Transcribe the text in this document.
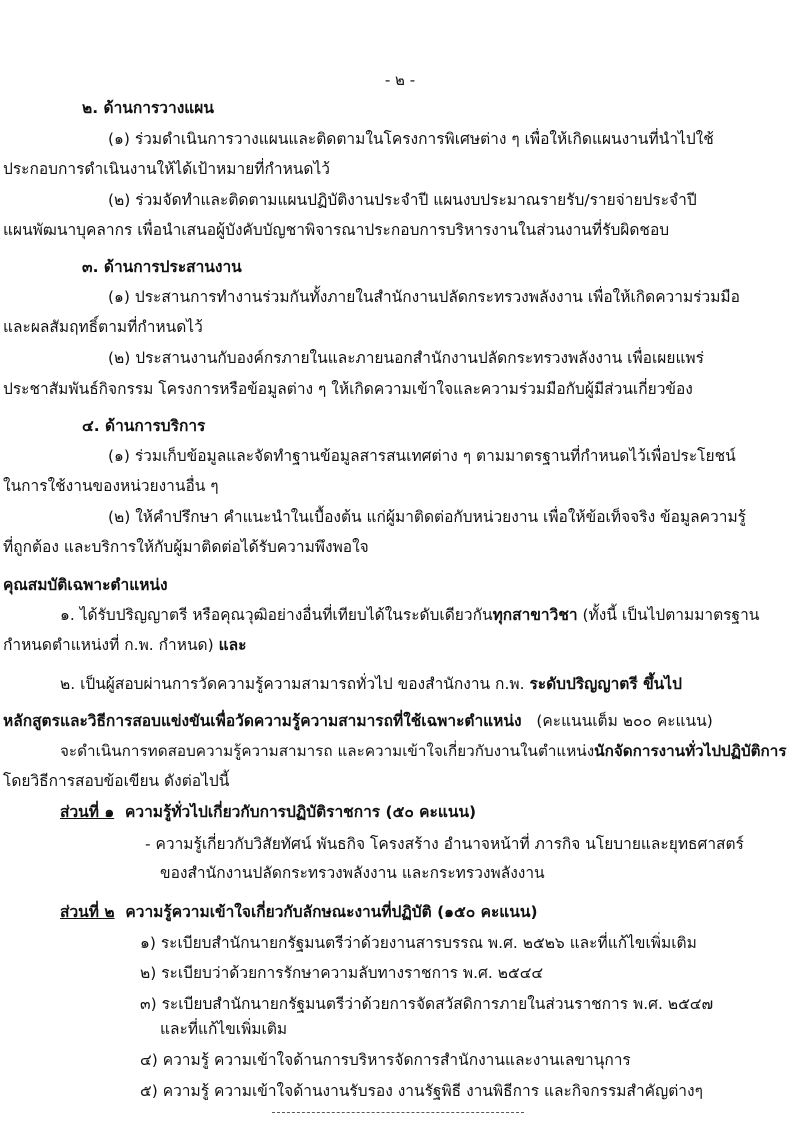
- ๒ -
๒. ด้านการวางแผน
(๑) ร่วมดำเนินการวางแผนและติดตามในโครงการพิเศษต่าง ๆ เพื่อให้เกิดแผนงานที่นำไปใช้
ประกอบการดำเนินงานให้ได้เป้าหมายที่กำหนดไว้
(๒) ร่วมจัดทำและติดตามแผนปฏิบัติงานประจำปี แผนงบประมาณรายรับ/รายจ่ายประจำปี
แผนพัฒนาบุคลากร เพื่อนำเสนอผู้บังคับบัญชาพิจารณาประกอบการบริหารงานในส่วนงานที่รับผิดชอบ
๓. ด้านการประสานงาน
(๑) ประสานการทำงานร่วมกันทั้งภายในสำนักงานปลัดกระทรวงพลังงาน เพื่อให้เกิดความร่วมมือ
และผลสัมฤทธิ์ตามที่กำหนดไว้
(๒) ประสานงานกับองค์กรภายในและภายนอกสำนักงานปลัดกระทรวงพลังงาน เพื่อเผยแพร่
ประชาสัมพันธ์กิจกรรม โครงการหรือข้อมูลต่าง ๆ ให้เกิดความเข้าใจและความร่วมมือกับผู้มีส่วนเกี่ยวข้อง
๔. ด้านการบริการ
(๑) ร่วมเก็บข้อมูลและจัดทำฐานข้อมูลสารสนเทศต่าง ๆ ตามมาตรฐานที่กำหนดไว้เพื่อประโยชน์
ในการใช้งานของหน่วยงานอื่น ๆ
(๒) ให้คำปรึกษา คำแนะนำในเบื้องต้น แก่ผู้มาติดต่อกับหน่วยงาน เพื่อให้ข้อเท็จจริง ข้อมูลความรู้
ที่ถูกต้อง และบริการให้กับผู้มาติดต่อได้รับความพึงพอใจ
คุณสมบัติเฉพาะตำแหน่ง
๑. ได้รับปริญญาตรี หรือคุณวุฒิอย่างอื่นที่เทียบได้ในระดับเดียวกันทุกสาขาวิชา (ทั้งนี้ เป็นไปตามมาตรฐาน
กำหนดตำแหน่งที่ ก.พ. กำหนด) และ
๒. เป็นผู้สอบผ่านการวัดความรู้ความสามารถทั่วไป ของสำนักงาน ก.พ. ระดับปริญญาตรี ขึ้นไป
หลักสูตรและวิธีการสอบแข่งขันเพื่อวัดความรู้ความสามารถที่ใช้เฉพาะตำแหน่ง (คะแนนเต็ม ๒๐๐ คะแนน)
จะดำเนินการทดสอบความรู้ความสามารถ และความเข้าใจเกี่ยวกับงานในตำแหน่งนักจัดการงานทั่วไปปฏิบัติการ
โดยวิธีการสอบข้อเขียน ดังต่อไปนี้
ส่วนที่ ๑ ความรู้ทั่วไปเกี่ยวกับการปฏิบัติราชการ (๕๐ คะแนน)
- ความรู้เกี่ยวกับวิสัยทัศน์ พันธกิจ โครงสร้าง อำนาจหน้าที่ ภารกิจ นโยบายและยุทธศาสตร์
ของสำนักงานปลัดกระทรวงพลังงาน และกระทรวงพลังงาน
ส่วนที่ ๒ ความรู้ความเข้าใจเกี่ยวกับลักษณะงานที่ปฏิบัติ (๑๕๐ คะแนน)
๑) ระเบียบสำนักนายกรัฐมนตรีว่าด้วยงานสารบรรณ พ.ศ. ๒๕๒๖ และที่แก้ไขเพิ่มเติม
๒) ระเบียบว่าด้วยการรักษาความลับทางราชการ พ.ศ. ๒๕๔๔
๓) ระเบียบสำนักนายกรัฐมนตรีว่าด้วยการจัดสวัสดิการภายในส่วนราชการ พ.ศ. ๒๕๔๗
และที่แก้ไขเพิ่มเติม
๔) ความรู้ ความเข้าใจด้านการบริหารจัดการสำนักงานและงานเลขานุการ
๕) ความรู้ ความเข้าใจด้านงานรับรอง งานรัฐพิธี งานพิธีการ และกิจกรรมสำคัญต่างๆ
